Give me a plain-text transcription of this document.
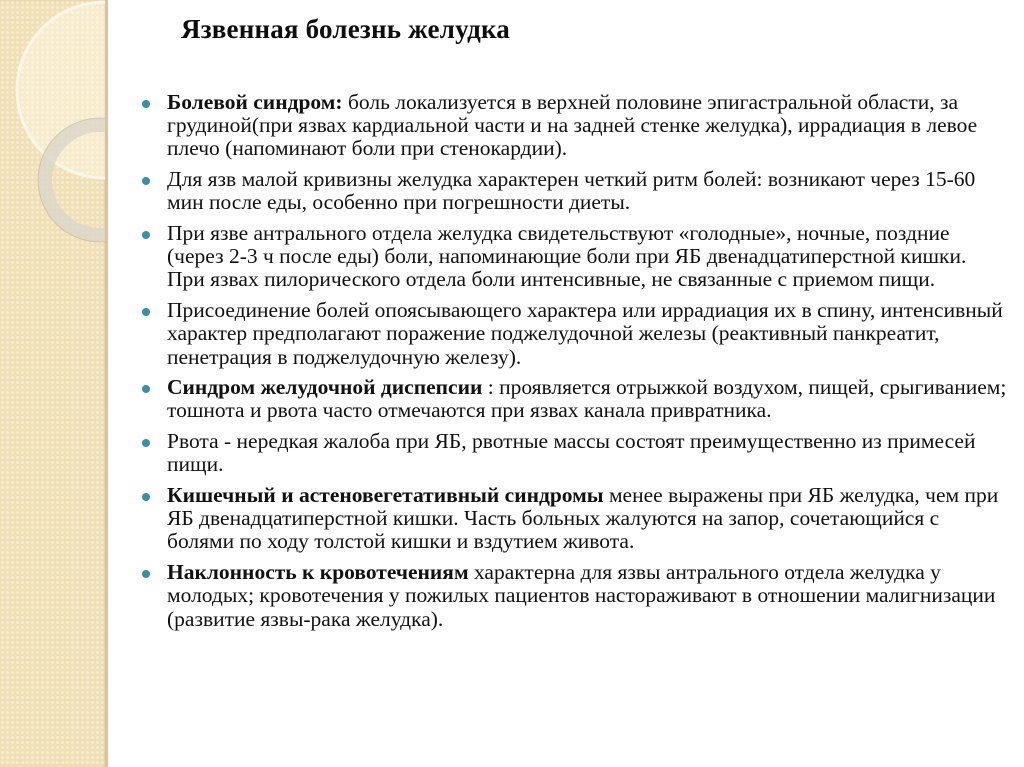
Язвенная болезнь желудка
Болевой синдром: боль локализуется в верхней половине эпигастральной области, за грудиной(при язвах кардиальной части и на задней стенке желудка), иррадиация в левое плечо (напоминают боли при стенокардии).
Для язв малой кривизны желудка характерен четкий ритм болей: возникают через 15-60 мин после еды, особенно при погрешности диеты.
При язве антрального отдела желудка свидетельствуют «голодные», ночные, поздние (через 2-3 ч после еды) боли, напоминающие боли при ЯБ двенадцатиперстной кишки. При язвах пилорического отдела боли интенсивные, не связанные с приемом пищи.
Присоединение болей опоясывающего характера или иррадиация их в спину, интенсивный характер предполагают поражение поджелудочной железы (реактивный панкреатит, пенетрация в поджелудочную железу).
Синдром желудочной диспепсии : проявляется отрыжкой воздухом, пищей, срыгиванием; тошнота и рвота часто отмечаются при язвах канала привратника.
Рвота - нередкая жалоба при ЯБ, рвотные массы состоят преимущественно из примесей пищи.
Кишечный и астеновегетативный синдромы менее выражены при ЯБ желудка, чем при ЯБ двенадцатиперстной кишки. Часть больных жалуются на запор, сочетающийся с болями по ходу толстой кишки и вздутием живота.
Наклонность к кровотечениям характерна для язвы антрального отдела желудка у молодых; кровотечения у пожилых пациентов настораживают в отношении малигнизации (развитие язвы-рака желудка).
